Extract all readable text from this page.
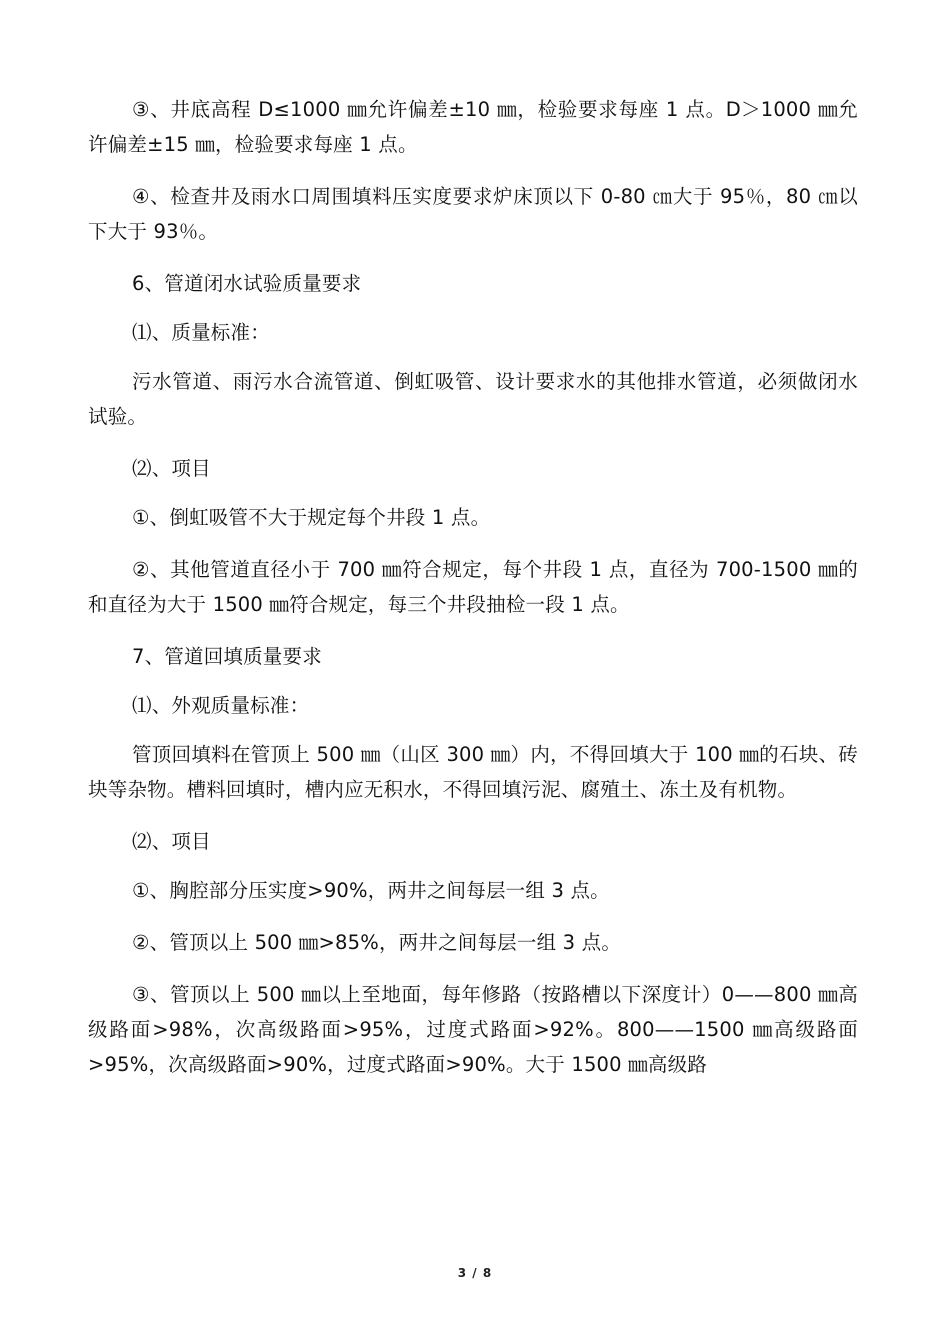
③、井底高程 D≤1000 ㎜允许偏差±10 ㎜，检验要求每座 1 点。D＞1000 ㎜允许偏差±15 ㎜，检验要求每座 1 点。

④、检查井及雨水口周围填料压实度要求炉床顶以下 0-80 ㎝大于 95％，80 ㎝以下大于 93％。

6、管道闭水试验质量要求

⑴、质量标准：

污水管道、雨污水合流管道、倒虹吸管、设计要求水的其他排水管道，必须做闭水试验。

⑵、项目

①、倒虹吸管不大于规定每个井段 1 点。

②、其他管道直径小于 700 ㎜符合规定，每个井段 1 点，直径为 700-1500 ㎜的和直径为大于 1500 ㎜符合规定，每三个井段抽检一段 1 点。

7、管道回填质量要求

⑴、外观质量标准：

管顶回填料在管顶上 500 ㎜（山区 300 ㎜）内，不得回填大于 100 ㎜的石块、砖块等杂物。槽料回填时，槽内应无积水，不得回填污泥、腐殖土、冻土及有机物。

⑵、项目

①、胸腔部分压实度>90%，两井之间每层一组 3 点。

②、管顶以上 500 ㎜>85%，两井之间每层一组 3 点。

③、管顶以上 500 ㎜以上至地面，每年修路（按路槽以下深度计）0——800 ㎜高级路面>98%，次高级路面>95%，过度式路面>92%。800——1500 ㎜高级路面>95%，次高级路面>90%，过度式路面>90%。大于 1500 ㎜高级路

3 / 8
